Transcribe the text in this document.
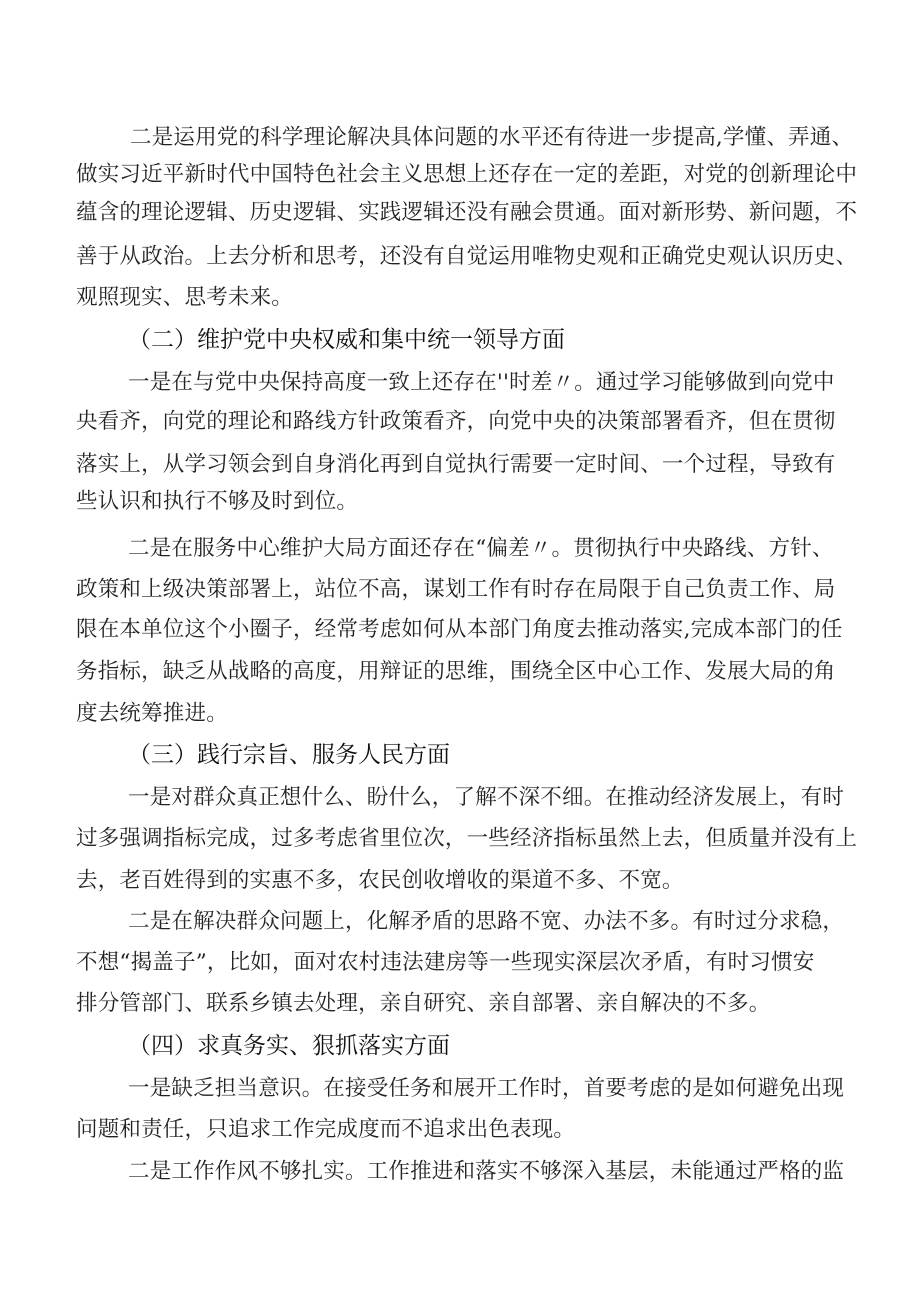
二是运用党的科学理论解决具体问题的水平还有待进一步提高,学懂、弄通、
做实习近平新时代中国特色社会主义思想上还存在一定的差距，对党的创新理论中
蕴含的理论逻辑、历史逻辑、实践逻辑还没有融会贯通。面对新形势、新问题，不
善于从政治。上去分析和思考，还没有自觉运用唯物史观和正确党史观认识历史、
观照现实、思考未来。
（二）维护党中央权威和集中统一领导方面
一是在与党中央保持高度一致上还存在''时差〃。通过学习能够做到向党中
央看齐，向党的理论和路线方针政策看齐，向党中央的决策部署看齐，但在贯彻
落实上，从学习领会到自身消化再到自觉执行需要一定时间、一个过程，导致有
些认识和执行不够及时到位。
二是在服务中心维护大局方面还存在“偏差〃。贯彻执行中央路线、方针、
政策和上级决策部署上，站位不高，谋划工作有时存在局限于自己负责工作、局
限在本单位这个小圈子，经常考虑如何从本部门角度去推动落实,完成本部门的任
务指标，缺乏从战略的高度，用辩证的思维，围绕全区中心工作、发展大局的角
度去统筹推进。
（三）践行宗旨、服务人民方面
一是对群众真正想什么、盼什么，了解不深不细。在推动经济发展上，有时
过多强调指标完成，过多考虑省里位次，一些经济指标虽然上去，但质量并没有上
去，老百姓得到的实惠不多，农民创收增收的渠道不多、不宽。
二是在解决群众问题上，化解矛盾的思路不宽、办法不多。有时过分求稳，
不想“揭盖子”，比如，面对农村违法建房等一些现实深层次矛盾，有时习惯安
排分管部门、联系乡镇去处理，亲自研究、亲自部署、亲自解决的不多。
（四）求真务实、狠抓落实方面
一是缺乏担当意识。在接受任务和展开工作时，首要考虑的是如何避免出现
问题和责任，只追求工作完成度而不追求出色表现。
二是工作作风不够扎实。工作推进和落实不够深入基层，未能通过严格的监
